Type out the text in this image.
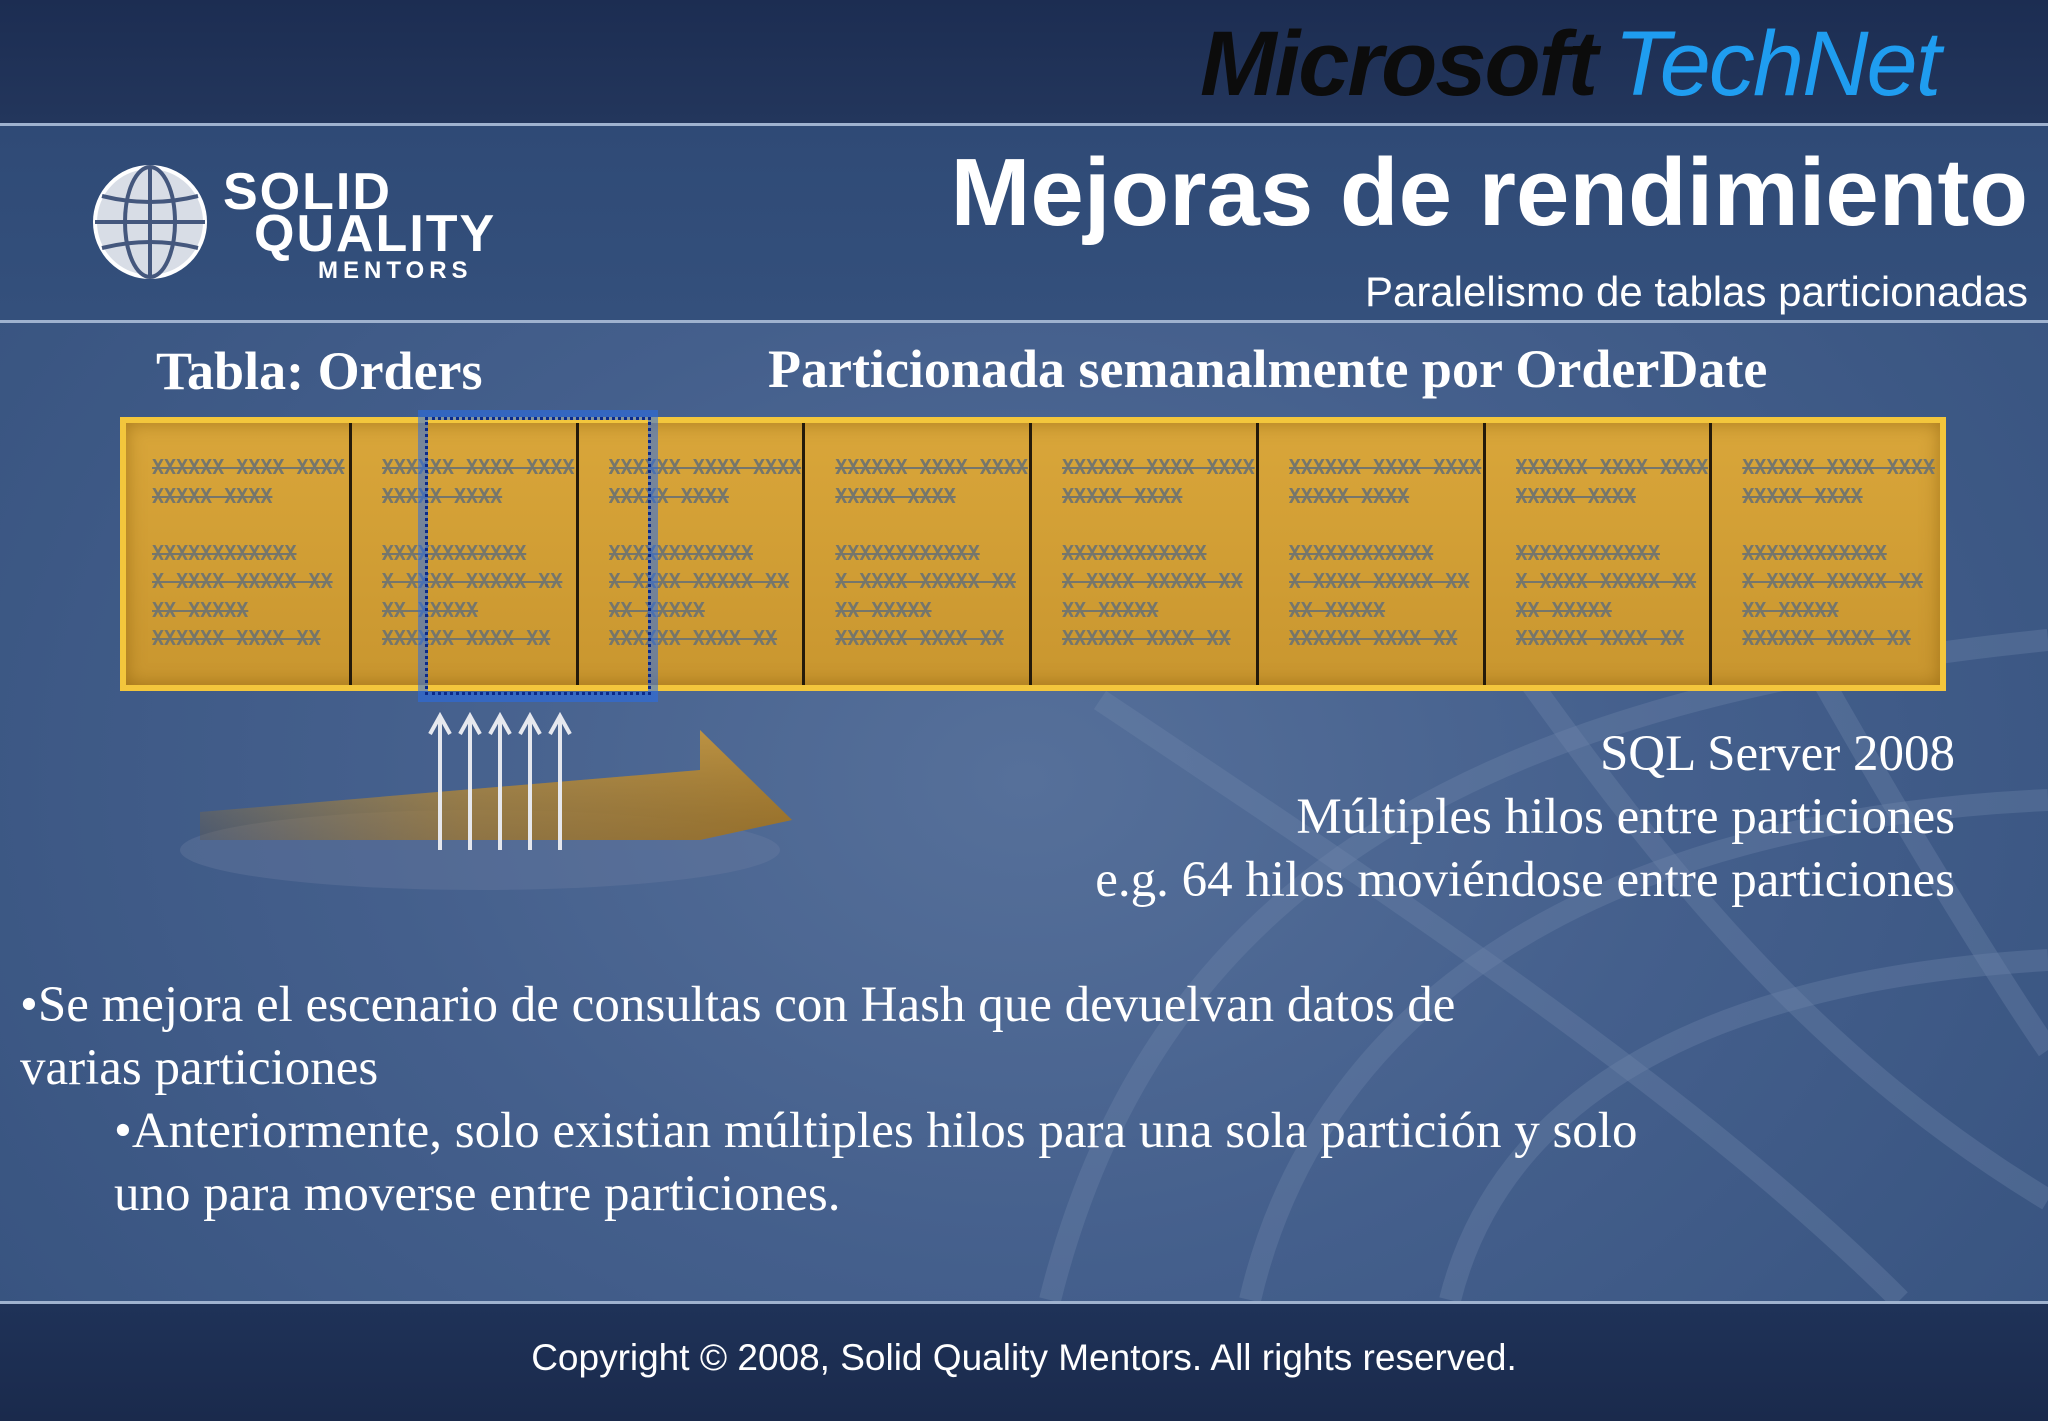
Microsoft TechNet
SOLID
QUALITY
MENTORS
Mejoras de rendimiento
Paralelismo de tablas particionadas
Tabla: Orders	Particionada semanalmente por OrderDate
XXXXXX XXXX XXXX
XXXXX XXXX

XXXXXXXXXXXX
X XXXX XXXXX XX
XX XXXXX
XXXXXX XXXX XX
XXXXXX XXXX XXXX
XXXXX XXXX

XXXXXXXXXXXX
X XXXX XXXXX XX
XX XXXXX
XXXXXX XXXX XX
XXXXXX XXXX XXXX
XXXXX XXXX

XXXXXXXXXXXX
X XXXX XXXXX XX
XX XXXXX
XXXXXX XXXX XX
XXXXXX XXXX XXXX
XXXXX XXXX

XXXXXXXXXXXX
X XXXX XXXXX XX
XX XXXXX
XXXXXX XXXX XX
XXXXXX XXXX XXXX
XXXXX XXXX

XXXXXXXXXXXX
X XXXX XXXXX XX
XX XXXXX
XXXXXX XXXX XX
XXXXXX XXXX XXXX
XXXXX XXXX

XXXXXXXXXXXX
X XXXX XXXXX XX
XX XXXXX
XXXXXX XXXX XX
XXXXXX XXXX XXXX
XXXXX XXXX

XXXXXXXXXXXX
X XXXX XXXXX XX
XX XXXXX
XXXXXX XXXX XX
XXXXXX XXXX XXXX
XXXXX XXXX

XXXXXXXXXXXX
X XXXX XXXXX XX
XX XXXXX
XXXXXX XXXX XX
SQL Server 2008
Múltiples hilos entre particiones
e.g. 64 hilos moviéndose entre particiones
•Se mejora el escenario de consultas con Hash que devuelvan datos de varias particiones
•Anteriormente, solo existian múltiples hilos para una sola partición y solo uno para moverse entre particiones.
Copyright © 2008, Solid Quality Mentors. All rights reserved.
